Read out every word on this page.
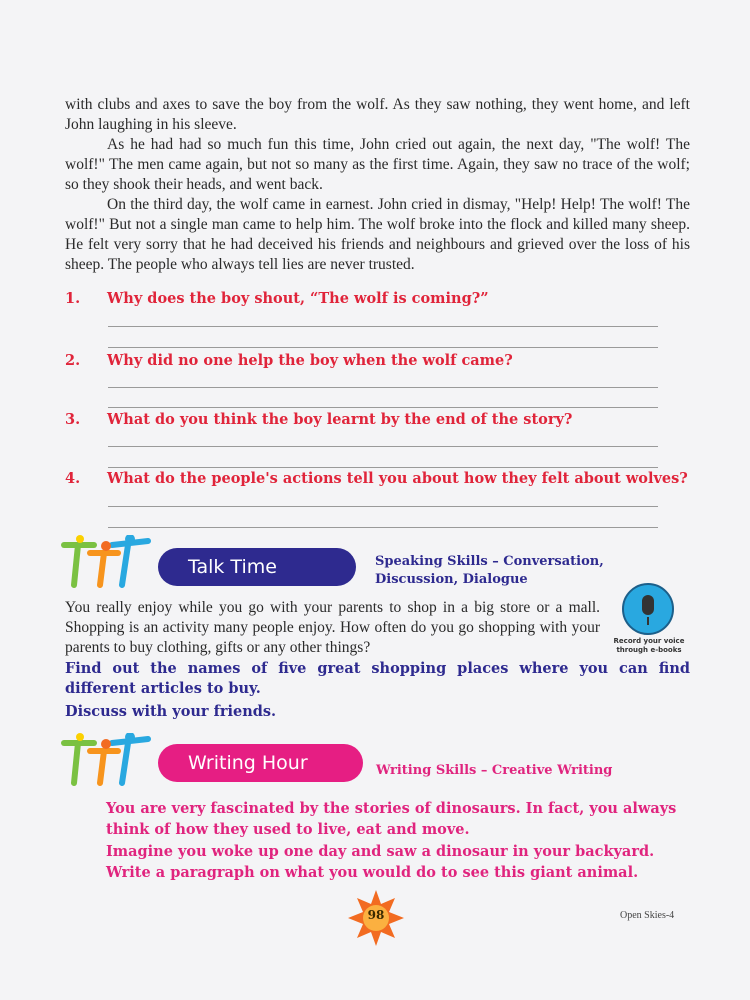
with clubs and axes to save the boy from the wolf. As they saw nothing, they went home, and left John laughing in his sleeve.

As he had had so much fun this time, John cried out again, the next day, "The wolf! The wolf!" The men came again, but not so many as the first time. Again, they saw no trace of the wolf; so they shook their heads, and went back.

On the third day, the wolf came in earnest. John cried in dismay, "Help! Help! The wolf! The wolf!" But not a single man came to help him. The wolf broke into the flock and killed many sheep. He felt very sorry that he had deceived his friends and neighbours and grieved over the loss of his sheep. The people who always tell lies are never trusted.

1. Why does the boy shout, “The wolf is coming?”
2. Why did no one help the boy when the wolf came?
3. What do you think the boy learnt by the end of the story?
4. What do the people's actions tell you about how they felt about wolves?
Talk Time	Speaking Skills – Conversation, Discussion, Dialogue
You really enjoy while you go with your parents to shop in a big store or a mall. Shopping is an activity many people enjoy. How often do you go shopping with your parents to buy clothing, gifts or any other things?	Record your voice through e-books
Find out the names of five great shopping places where you can find different articles to buy.
Discuss with your friends.
Writing Hour	Writing Skills – Creative Writing
You are very fascinated by the stories of dinosaurs. In fact, you always think of how they used to live, eat and move.
Imagine you woke up one day and saw a dinosaur in your backyard. Write a paragraph on what you would do to see this giant animal.
98	Open Skies-4
